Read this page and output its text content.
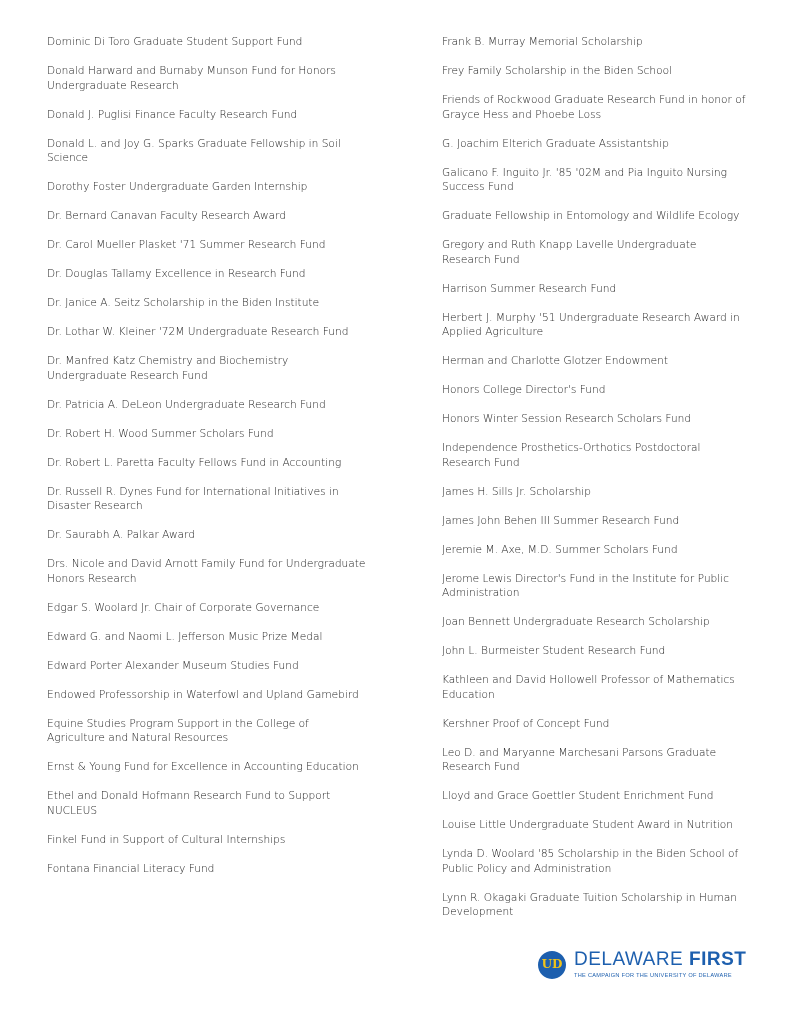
Dominic Di Toro Graduate Student Support Fund
Donald Harward and Burnaby Munson Fund for Honors Undergraduate Research
Donald J. Puglisi Finance Faculty Research Fund
Donald L. and Joy G. Sparks Graduate Fellowship in Soil Science
Dorothy Foster Undergraduate Garden Internship
Dr. Bernard Canavan Faculty Research Award
Dr. Carol Mueller Plasket '71 Summer Research Fund
Dr. Douglas Tallamy Excellence in Research Fund
Dr. Janice A. Seitz Scholarship in the Biden Institute
Dr. Lothar W. Kleiner '72M Undergraduate Research Fund
Dr. Manfred Katz Chemistry and Biochemistry Undergraduate Research Fund
Dr. Patricia A. DeLeon Undergraduate Research Fund
Dr. Robert H. Wood Summer Scholars Fund
Dr. Robert L. Paretta Faculty Fellows Fund in Accounting
Dr. Russell R. Dynes Fund for International Initiatives in Disaster Research
Dr. Saurabh A. Palkar Award
Drs. Nicole and David Arnott Family Fund for Undergraduate Honors Research
Edgar S. Woolard Jr. Chair of Corporate Governance
Edward G. and Naomi L. Jefferson Music Prize Medal
Edward Porter Alexander Museum Studies Fund
Endowed Professorship in Waterfowl and Upland Gamebird
Equine Studies Program Support in the College of Agriculture and Natural Resources
Ernst & Young Fund for Excellence in Accounting Education
Ethel and Donald Hofmann Research Fund to Support NUCLEUS
Finkel Fund in Support of Cultural Internships
Fontana Financial Literacy Fund
Frank B. Murray Memorial Scholarship
Frey Family Scholarship in the Biden School
Friends of Rockwood Graduate Research Fund in honor of Grayce Hess and Phoebe Loss
G. Joachim Elterich Graduate Assistantship
Galicano F. Inguito Jr. '85 '02M and Pia Inguito Nursing Success Fund
Graduate Fellowship in Entomology and Wildlife Ecology
Gregory and Ruth Knapp Lavelle Undergraduate Research Fund
Harrison Summer Research Fund
Herbert J. Murphy '51 Undergraduate Research Award in Applied Agriculture
Herman and Charlotte Glotzer Endowment
Honors College Director's Fund
Honors Winter Session Research Scholars Fund
Independence Prosthetics-Orthotics Postdoctoral Research Fund
James H. Sills Jr. Scholarship
James John Behen III Summer Research Fund
Jeremie M. Axe, M.D. Summer Scholars Fund
Jerome Lewis Director's Fund in the Institute for Public Administration
Joan Bennett Undergraduate Research Scholarship
John L. Burmeister Student Research Fund
Kathleen and David Hollowell Professor of Mathematics Education
Kershner Proof of Concept Fund
Leo D. and Maryanne Marchesani Parsons Graduate Research Fund
Lloyd and Grace Goettler Student Enrichment Fund
Louise Little Undergraduate Student Award in Nutrition
Lynda D. Woolard '85 Scholarship in the Biden School of Public Policy and Administration
Lynn R. Okagaki Graduate Tuition Scholarship in Human Development
UD DELAWARE FIRST
THE CAMPAIGN FOR THE UNIVERSITY OF DELAWARE
